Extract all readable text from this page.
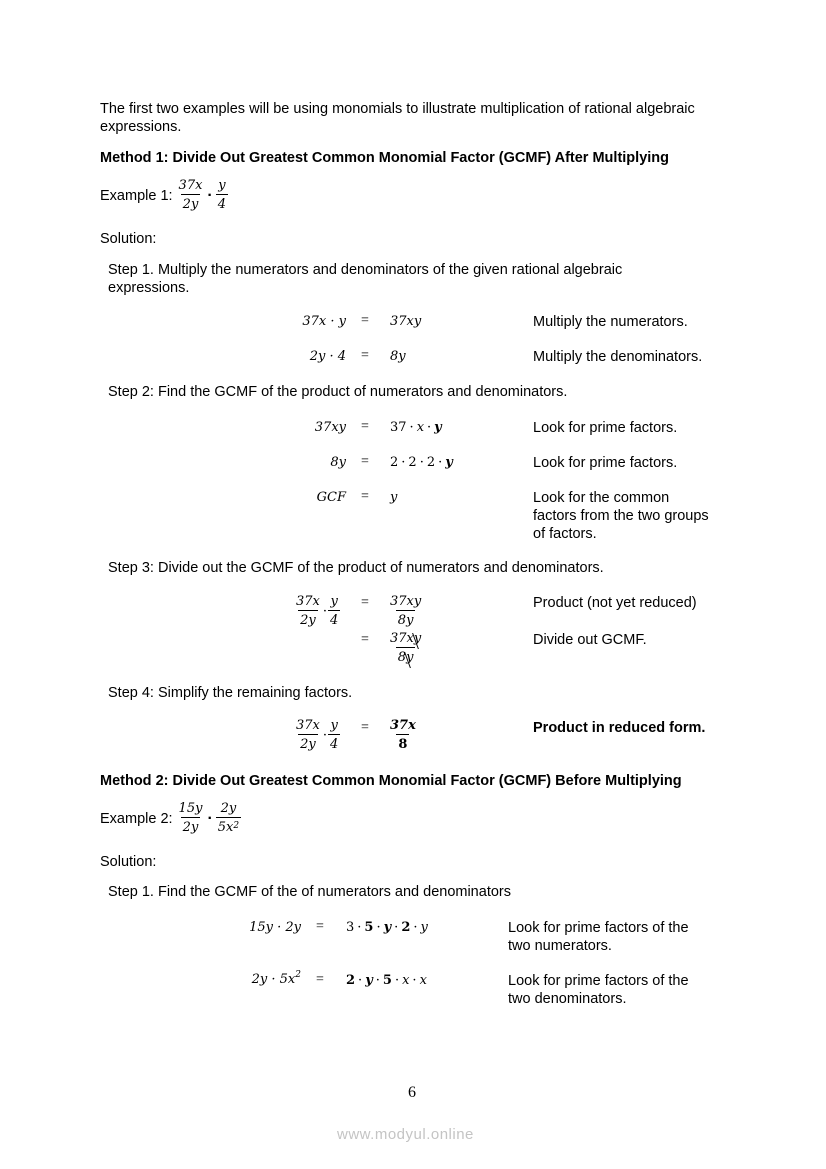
The first two examples will be using monomials to illustrate multiplication of rational algebraic
expressions.
Method 1: Divide Out Greatest Common Monomial Factor (GCMF) After Multiplying
Example 1: $\frac{37x}{2y} \cdot \frac{y}{4}$
Solution:
Step 1. Multiply the numerators and denominators of the given rational algebraic
expressions.
37x · y = 37xy	Multiply the numerators.
2y · 4 = 8y	Multiply the denominators.
Step 2: Find the GCMF of the product of numerators and denominators.
37xy = 37 · x · y	Look for prime factors.
8y = 2 · 2 · 2 · y	Look for prime factors.
GCF = y	Look for the common
factors from the two groups
of factors.
Step 3: Divide out the GCMF of the product of numerators and denominators.
$\frac{37x}{2y} \cdot \frac{y}{4} = \frac{37xy}{8y}$	Product (not yet reduced)
= $\frac{37xy}{8y}$	Divide out GCMF.
Step 4: Simplify the remaining factors.
$\frac{37x}{2y} \cdot \frac{y}{4} = \frac{37x}{8}$	Product in reduced form.
Method 2: Divide Out Greatest Common Monomial Factor (GCMF) Before Multiplying
Example 2: $\frac{15y}{2y} \cdot \frac{2y}{5x^2}$
Solution:
Step 1. Find the GCMF of the of numerators and denominators
15y · 2y = 3 · 5 · y · 2 · y	Look for prime factors of the
two numerators.
$2y \cdot 5x^2 = 2 \cdot y \cdot 5 \cdot x \cdot x$	Look for prime factors of the
two denominators.
6
www.modyul.online
